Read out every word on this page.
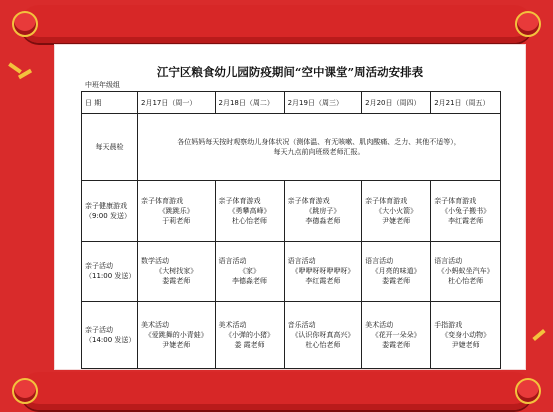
江宁区粮食幼儿园防疫期间“空中课堂”周活动安排表
中班年级组
日 期	2月17日（周一）	2月18日（周二）	2月19日（周三）	2月20日（周四）	2月21日（周五）
每天晨检	各位妈妈每天按时观察幼儿身体状况（测体温、有无咳嗽、肌肉酸痛、乏力、其他不适等），
每天九点前向班级老师汇报。				

亲子健康游戏
（9:00 发送）	亲子体育游戏
《跳跳乐》
于莉老师	亲子体育游戏
《勇攀高峰》
杜心怡老师	亲子体育游戏
《跳房子》
李德淼老师	亲子体育游戏
《大小火箭》
尹婕老师	亲子体育游戏
《小兔子搬书》
李红霞老师

亲子活动
（11:00 发送）	数学活动
《大树找家》
娄霞老师	语言活动
《家》
李德淼老师	语言活动
《咿咿呀呀咿咿呀》
李红霞老师	语言活动
《月亮的味道》
娄霞老师	语言活动
《小蚂蚁坐汽车》
杜心怡老师

亲子活动
（14:00 发送）	美术活动
《爱跳舞的小青蛙》
尹婕老师	美术活动
《小弹的小猪》
娄 霞老师	音乐活动
《认识你呀真高兴》
杜心怡老师	美术活动
《花开一朵朵》
娄霞老师	手指游戏
《变身小动物》
尹婕老师
